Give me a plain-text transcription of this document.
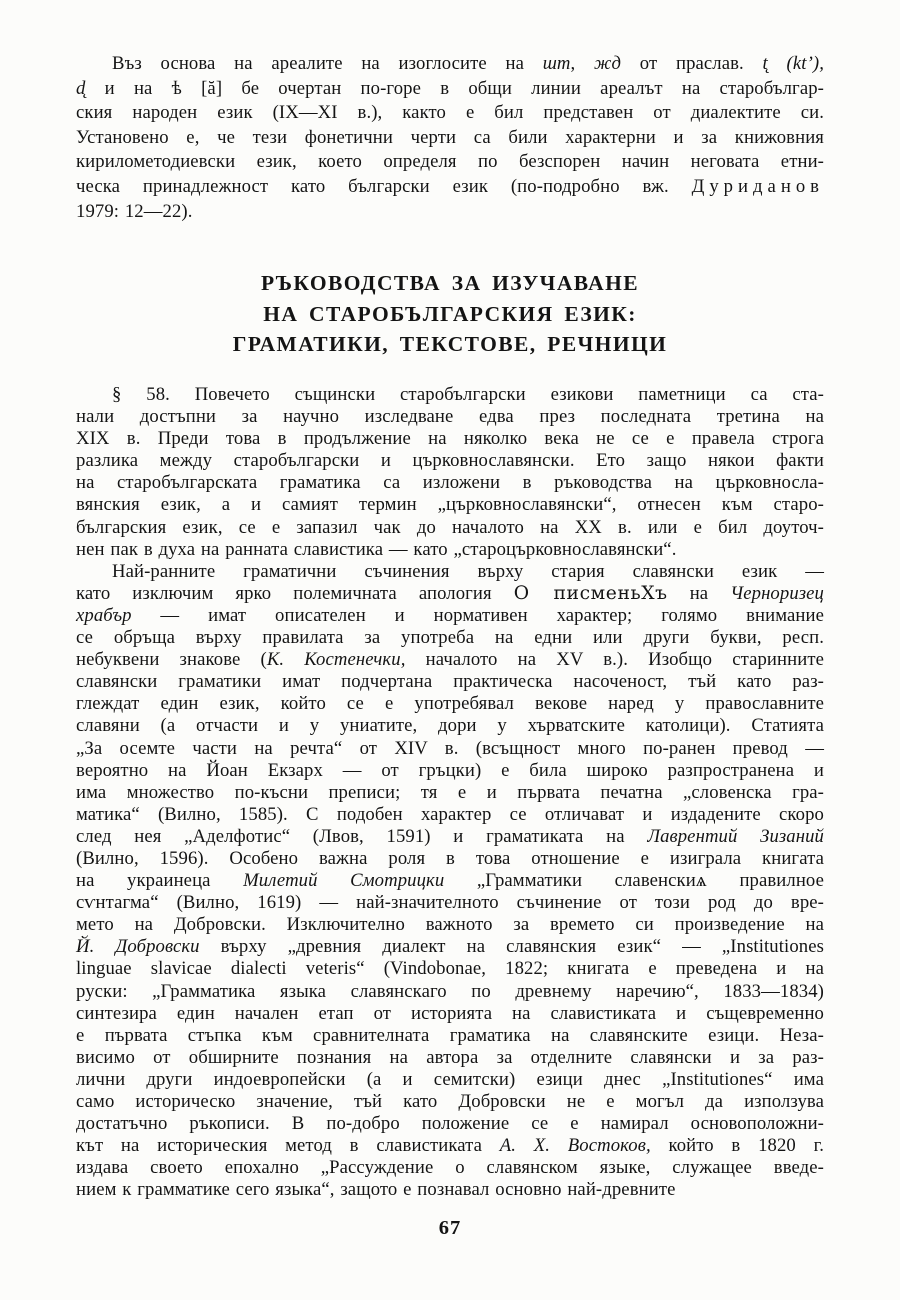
Въз основа на ареалите на изоглосите на шт, жд от праслав. t̨ (kt’),
d̨ и на ѣ [ă] бе очертан по-горе в общи линии ареалът на старобългар-
ския народен език (IX—XI в.), както е бил представен от диалектите си.
Установено е, че тези фонетични черти са били характерни и за книжовния
кирилометодиевски език, което определя по безспорен начин неговата етни-
ческа принадлежност като български език (по-подробно вж. Дуриданов
1979: 12—22).
РЪКОВОДСТВА ЗА ИЗУЧАВАНЕ
НА СТАРОБЪЛГАРСКИЯ ЕЗИК:
ГРАМАТИКИ, ТЕКСТОВЕ, РЕЧНИЦИ
§ 58. Повечето същински старобългарски езикови паметници са ста-
нали достъпни за научно изследване едва през последната третина на
XIX в. Преди това в продължение на няколко века не се е правела строга
разлика между старобългарски и църковнославянски. Ето защо някои факти
на старобългарската граматика са изложени в ръководства на църковносла-
вянския език, а и самият термин „църковнославянски“, отнесен към старо-
българския език, се е запазил чак до началото на XX в. или е бил доуточ-
нен пак в духа на ранната славистика — като „староцърковнославянски“.
Най-ранните граматични съчинения върху стария славянски език —
като изключим ярко полемичната апология О писменьХъ на Черноризец
храбър — имат описателен и нормативен характер; голямо внимание
се обръща върху правилата за употреба на едни или други букви, респ.
небуквени знакове (К. Костенечки, началото на XV в.). Изобщо старинните
славянски граматики имат подчертана практическа насоченост, тъй като раз-
глеждат един език, който се е употребявал векове наред у православните
славяни (а отчасти и у униатите, дори у хърватските католици). Статията
„За осемте части на речта“ от XIV в. (всъщност много по-ранен превод —
вероятно на Йоан Екзарх — от гръцки) е била широко разпространена и
има множество по-късни преписи; тя е и първата печатна „словенска гра-
матика“ (Вилно, 1585). С подобен характер се отличават и издадените скоро
след нея „Аделфотис“ (Лвов, 1591) и граматиката на Лаврентий Зизаний
(Вилно, 1596). Особено важна роля в това отношение е изиграла книгата
на украинеца Милетий Смотрицки „Грамматики славенскиѧ правилное
сѵнтагма“ (Вилно, 1619) — най-значителното съчинение от този род до вре-
мето на Добровски. Изключително важното за времето си произведение на
Й. Добровски върху „древния диалект на славянския език“ — „Institutiones
linguae slavicae dialecti veteris“ (Vindobonae, 1822; книгата е преведена и на
руски: „Грамматика языка славянскаго по древнему наречию“, 1833—1834)
синтезира един начален етап от историята на славистиката и същевременно
е първата стъпка към сравнителната граматика на славянските езици. Неза-
висимо от обширните познания на автора за отделните славянски и за раз-
лични други индоевропейски (а и семитски) езици днес „Institutiones“ има
само историческо значение, тъй като Добровски не е могъл да използува
достатъчно ръкописи. В по-добро положение се е намирал основоположни-
кът на историческия метод в славистиката А. Х. Востоков, който в 1820 г.
издава своето епохално „Рассуждение о славянском языке, служащее введе-
нием к грамматике сего языка“, защото е познавал основно най-древните
67
